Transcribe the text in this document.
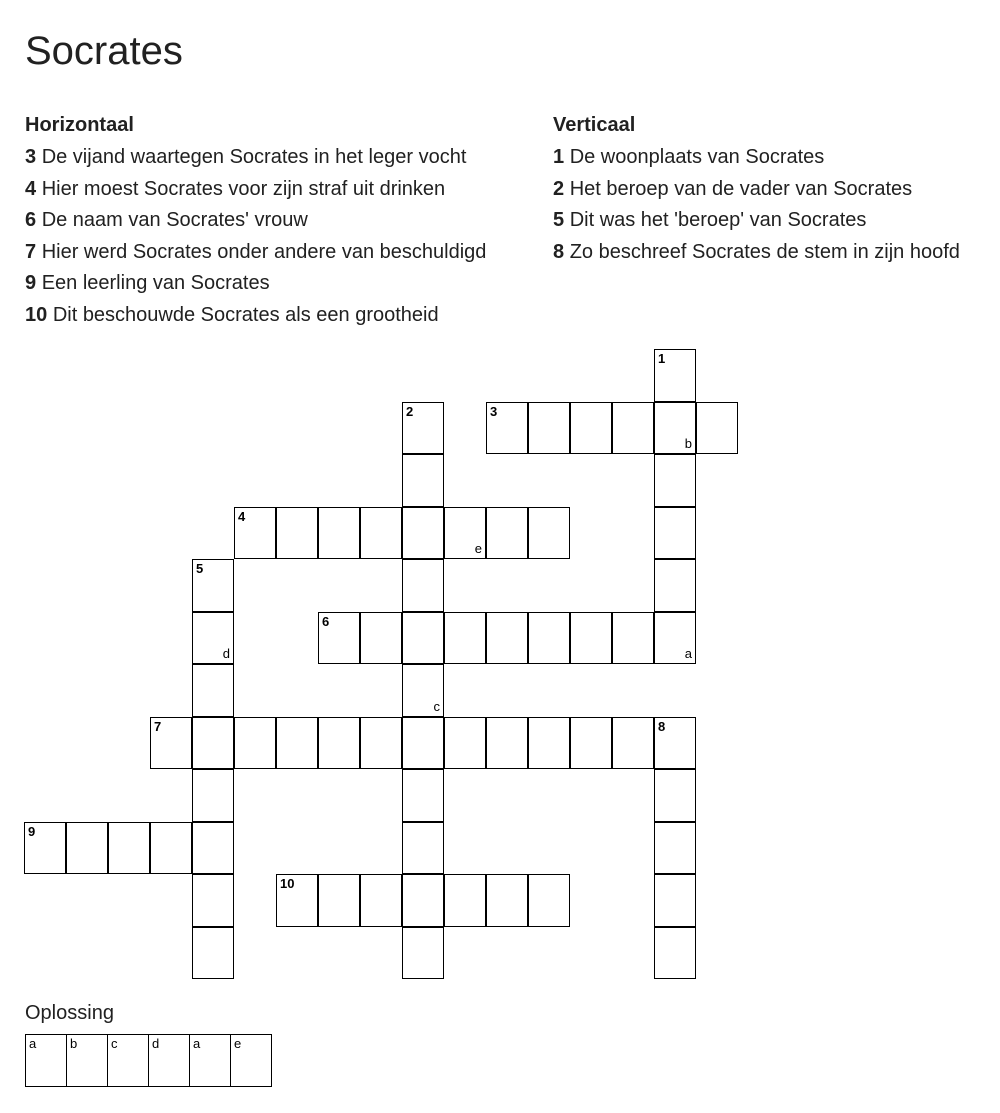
Socrates
Horizontaal
3 De vijand waartegen Socrates in het leger vocht
4 Hier moest Socrates voor zijn straf uit drinken
6 De naam van Socrates' vrouw
7 Hier werd Socrates onder andere van beschuldigd
9 Een leerling van Socrates
10 Dit beschouwde Socrates als een grootheid
Verticaal
1 De woonplaats van Socrates
2 Het beroep van de vader van Socrates
5 Dit was het 'beroep' van Socrates
8 Zo beschreef Socrates de stem in zijn hoofd
1
b
a
2
c
3
4
e
5
d
6
7	8
9
10
Oplossing
a	b	c	d	a	e
